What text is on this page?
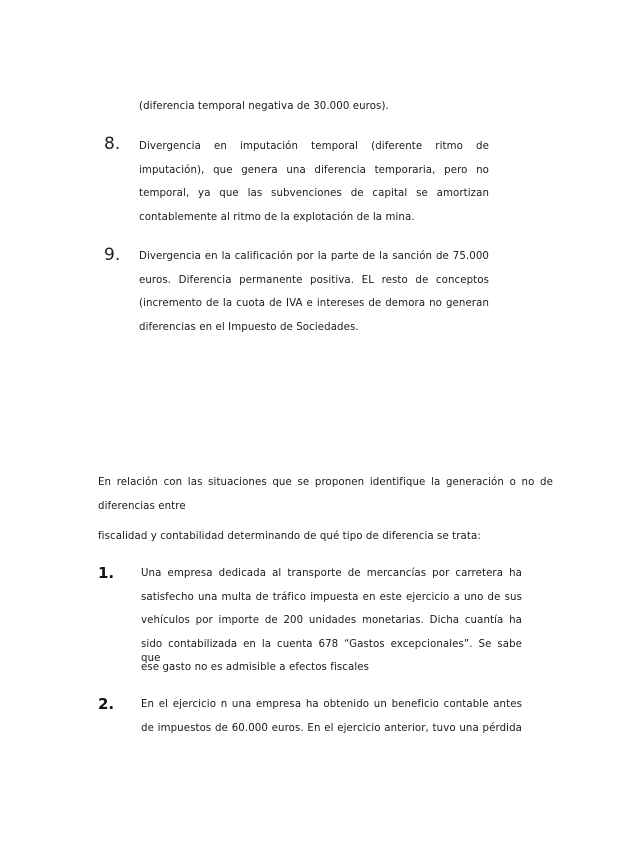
(diferencia temporal negativa de 30.000 euros).
8. Divergencia en imputación temporal (diferente ritmo de
imputación), que genera una diferencia temporaria, pero no
temporal, ya que las subvenciones de capital se amortizan
contablemente al ritmo de la explotación de la mina.
9. Divergencia en la calificación por la parte de la sanción de 75.000
euros. Diferencia permanente positiva. EL resto de conceptos
(incremento de la cuota de IVA e intereses de demora no generan
diferencias en el Impuesto de Sociedades.
En relación con las situaciones que se proponen identifique la generación o no de
diferencias entre
fiscalidad y contabilidad determinando de qué tipo de diferencia se trata:
1.	Una empresa dedicada al transporte de mercancías por carretera ha
satisfecho una multa de tráfico impuesta en este ejercicio a uno de sus
vehículos por importe de 200 unidades monetarias. Dicha cuantía ha
sido contabilizada en la cuenta 678 “Gastos excepcionales”. Se sabe que
ese gasto no es admisible a efectos fiscales
2.	En el ejercicio n una empresa ha obtenido un beneficio contable antes
de impuestos de 60.000 euros. En el ejercicio anterior, tuvo una pérdida
